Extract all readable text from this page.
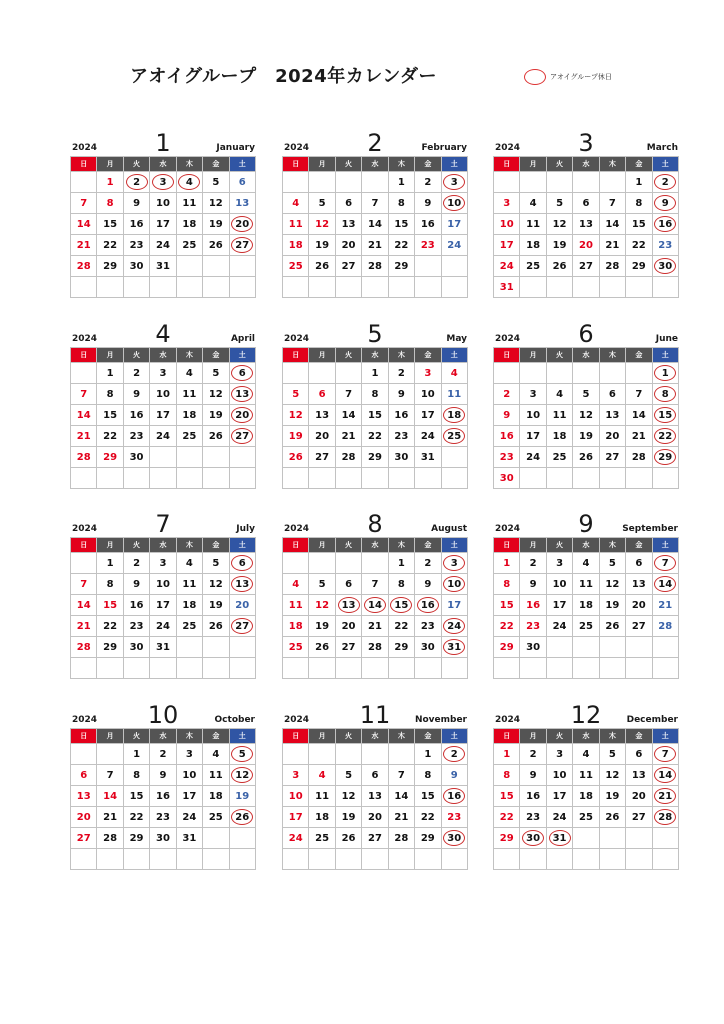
アオイグループ　2024年カレンダー	アオイグループ休日
2024	1	January
日	月	火	水	木	金	土
	1	2	3	4	5	6
7	8	9	10	11	12	13
14	15	16	17	18	19	20
21	22	23	24	25	26	27
28	29	30	31			

2024	2	February
日	月	火	水	木	金	土
				1	2	3
4	5	6	7	8	9	10
11	12	13	14	15	16	17
18	19	20	21	22	23	24
25	26	27	28	29		

2024	3	March
日	月	火	水	木	金	土
					1	2
3	4	5	6	7	8	9
10	11	12	13	14	15	16
17	18	19	20	21	22	23
24	25	26	27	28	29	30
31						
2024	4	April
日	月	火	水	木	金	土
	1	2	3	4	5	6
7	8	9	10	11	12	13
14	15	16	17	18	19	20
21	22	23	24	25	26	27
28	29	30				

2024	5	May
日	月	火	水	木	金	土
			1	2	3	4
5	6	7	8	9	10	11
12	13	14	15	16	17	18
19	20	21	22	23	24	25
26	27	28	29	30	31	

2024	6	June
日	月	火	水	木	金	土
						1
2	3	4	5	6	7	8
9	10	11	12	13	14	15
16	17	18	19	20	21	22
23	24	25	26	27	28	29
30						
2024	7	July
日	月	火	水	木	金	土
	1	2	3	4	5	6
7	8	9	10	11	12	13
14	15	16	17	18	19	20
21	22	23	24	25	26	27
28	29	30	31			

2024	8	August
日	月	火	水	木	金	土
				1	2	3
4	5	6	7	8	9	10
11	12	13	14	15	16	17
18	19	20	21	22	23	24
25	26	27	28	29	30	31

2024	9	September
日	月	火	水	木	金	土
1	2	3	4	5	6	7
8	9	10	11	12	13	14
15	16	17	18	19	20	21
22	23	24	25	26	27	28
29	30					

2024	10	October
日	月	火	水	木	金	土
		1	2	3	4	5
6	7	8	9	10	11	12
13	14	15	16	17	18	19
20	21	22	23	24	25	26
27	28	29	30	31		

2024	11	November
日	月	火	水	木	金	土
					1	2
3	4	5	6	7	8	9
10	11	12	13	14	15	16
17	18	19	20	21	22	23
24	25	26	27	28	29	30

2024	12	December
日	月	火	水	木	金	土
1	2	3	4	5	6	7
8	9	10	11	12	13	14
15	16	17	18	19	20	21
22	23	24	25	26	27	28
29	30	31				
